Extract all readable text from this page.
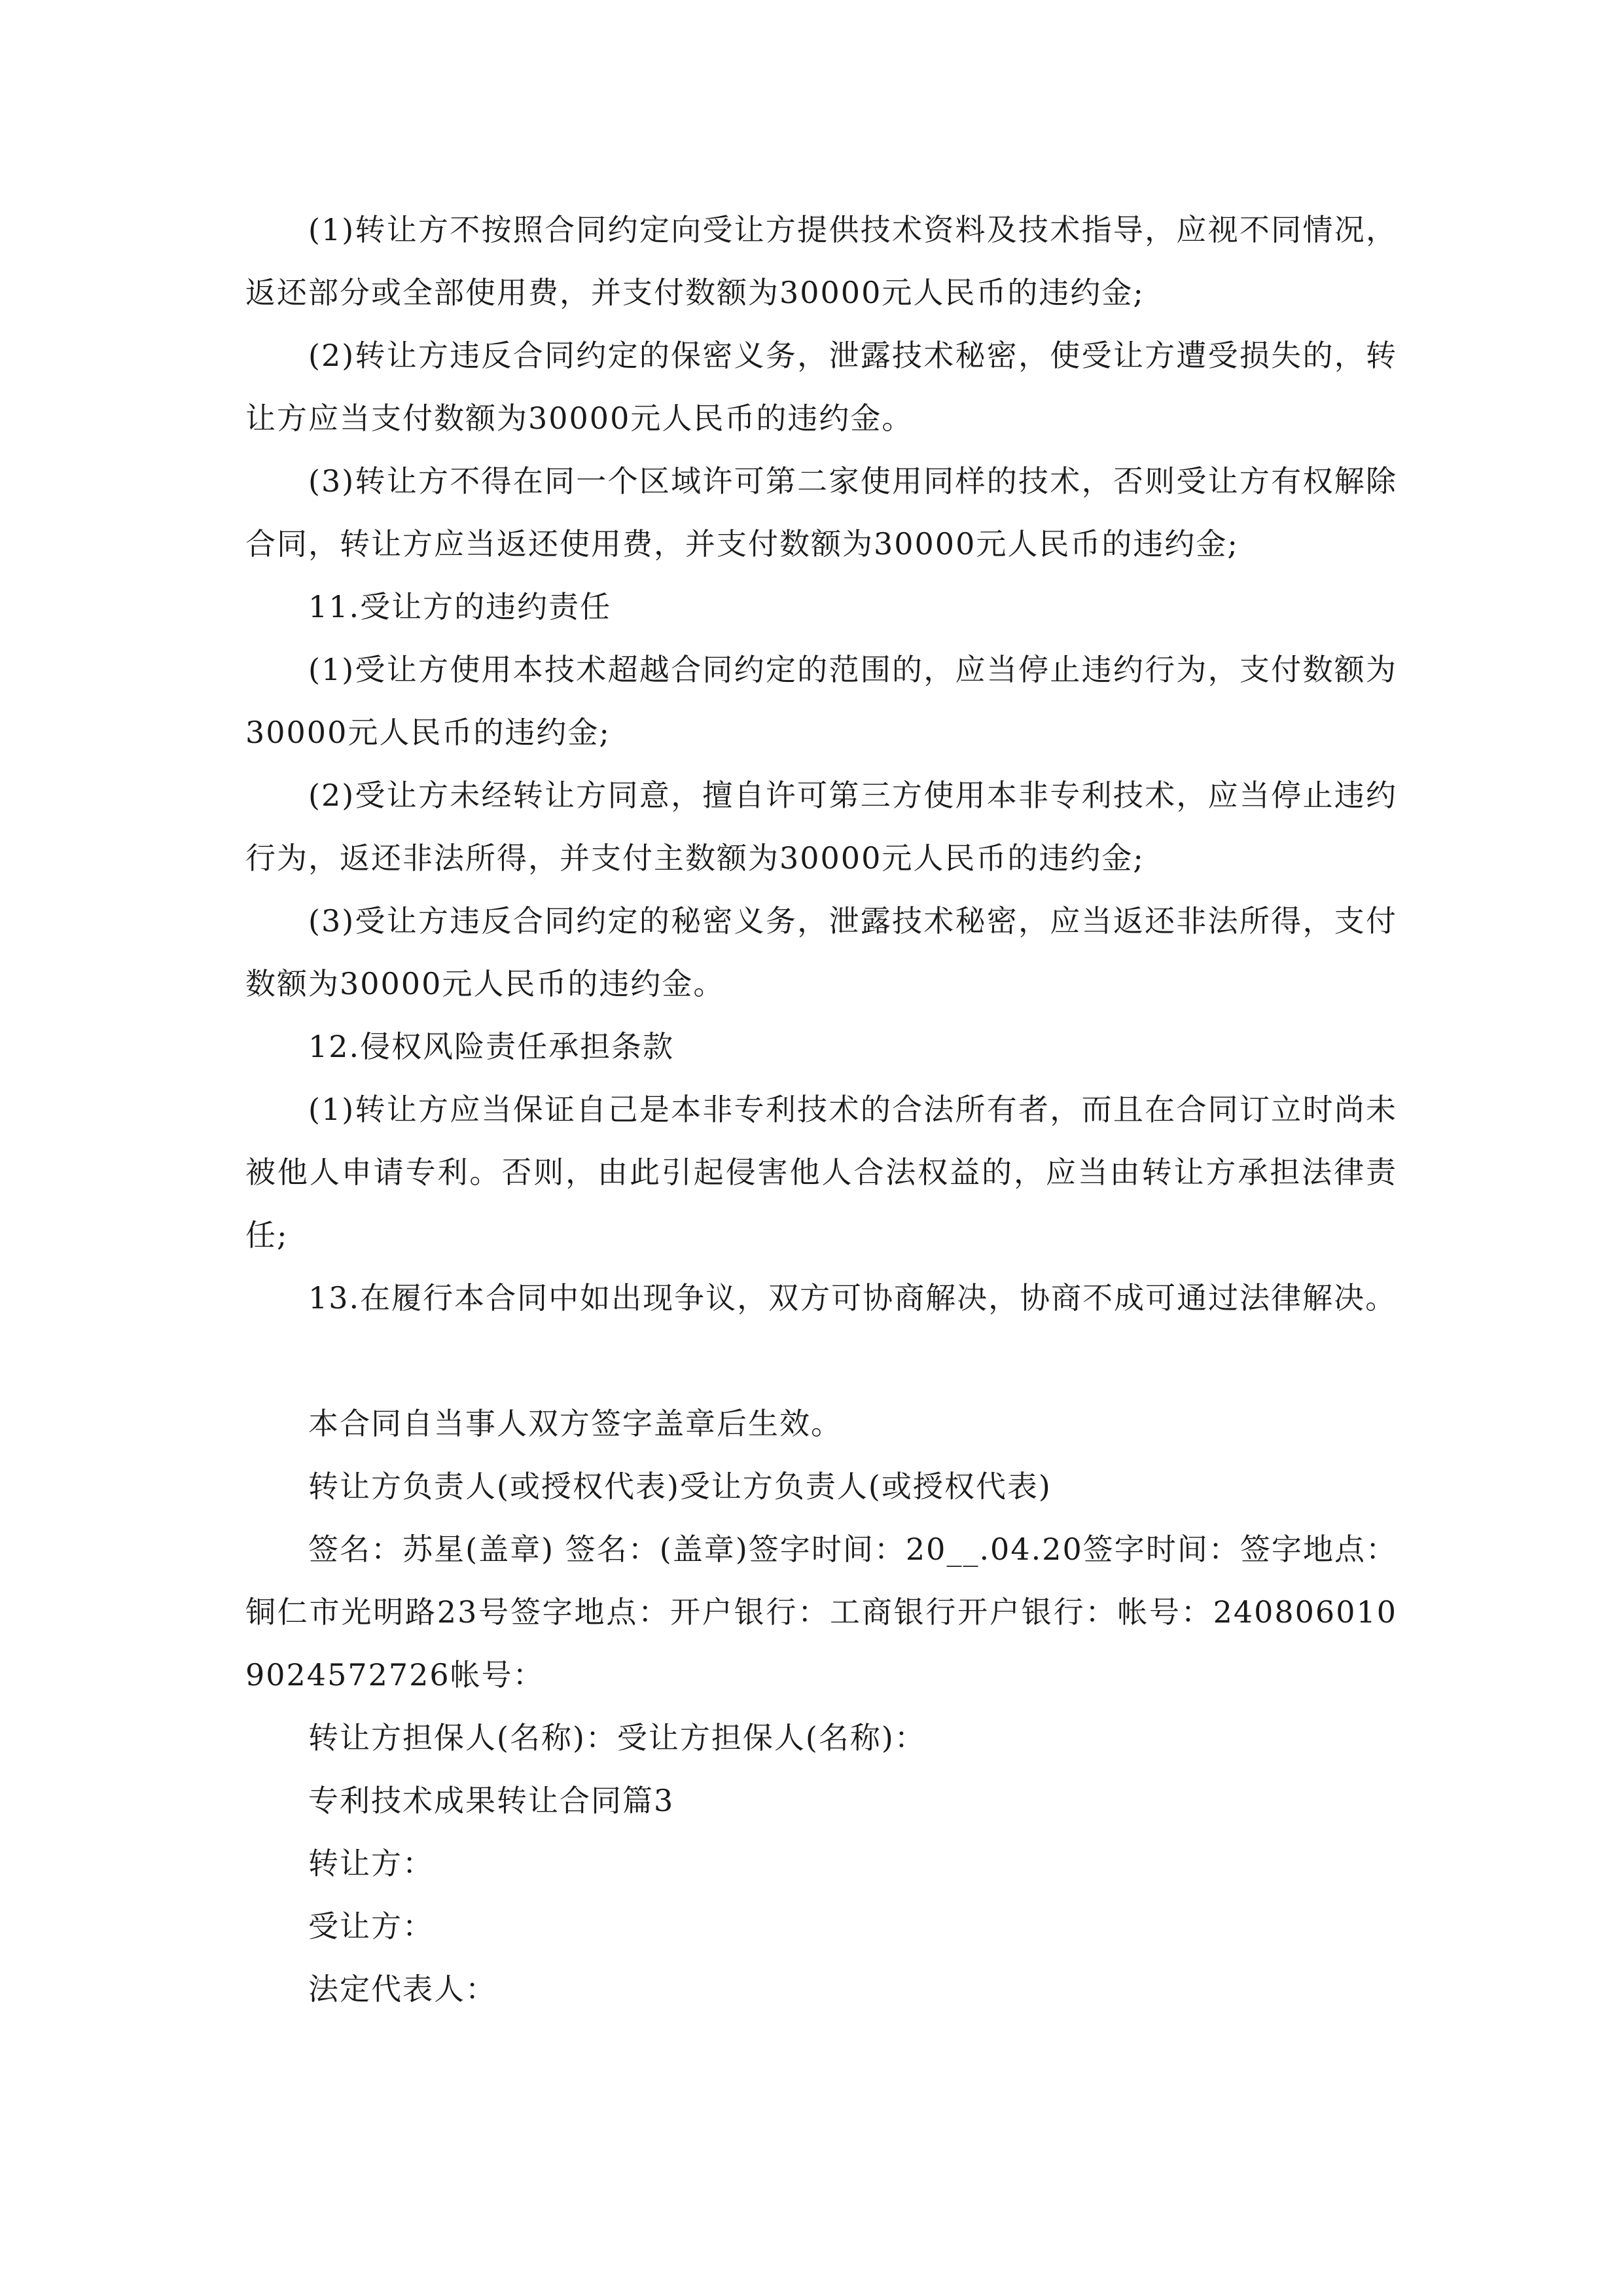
(1)转让方不按照合同约定向受让方提供技术资料及技术指导，应视不同情况，返还部分或全部使用费，并支付数额为30000元人民币的违约金;

(2)转让方违反合同约定的保密义务，泄露技术秘密，使受让方遭受损失的，转让方应当支付数额为30000元人民币的违约金。

(3)转让方不得在同一个区域许可第二家使用同样的技术，否则受让方有权解除合同，转让方应当返还使用费，并支付数额为30000元人民币的违约金;

11.受让方的违约责任

(1)受让方使用本技术超越合同约定的范围的，应当停止违约行为，支付数额为30000元人民币的违约金;

(2)受让方未经转让方同意，擅自许可第三方使用本非专利技术，应当停止违约行为，返还非法所得，并支付主数额为30000元人民币的违约金;

(3)受让方违反合同约定的秘密义务，泄露技术秘密，应当返还非法所得，支付数额为30000元人民币的违约金。

12.侵权风险责任承担条款

(1)转让方应当保证自己是本非专利技术的合法所有者，而且在合同订立时尚未被他人申请专利。否则，由此引起侵害他人合法权益的，应当由转让方承担法律责任;

13.在履行本合同中如出现争议，双方可协商解决，协商不成可通过法律解决。

本合同自当事人双方签字盖章后生效。

转让方负责人(或授权代表)受让方负责人(或授权代表)

签名：苏星(盖章) 签名：(盖章)签字时间：20__.04.20签字时间：签字地点：铜仁市光明路23号签字地点：开户银行：工商银行开户银行：帐号：2408060109024572726帐号：

转让方担保人(名称)：受让方担保人(名称)：

专利技术成果转让合同篇3

转让方：

受让方：

法定代表人：
